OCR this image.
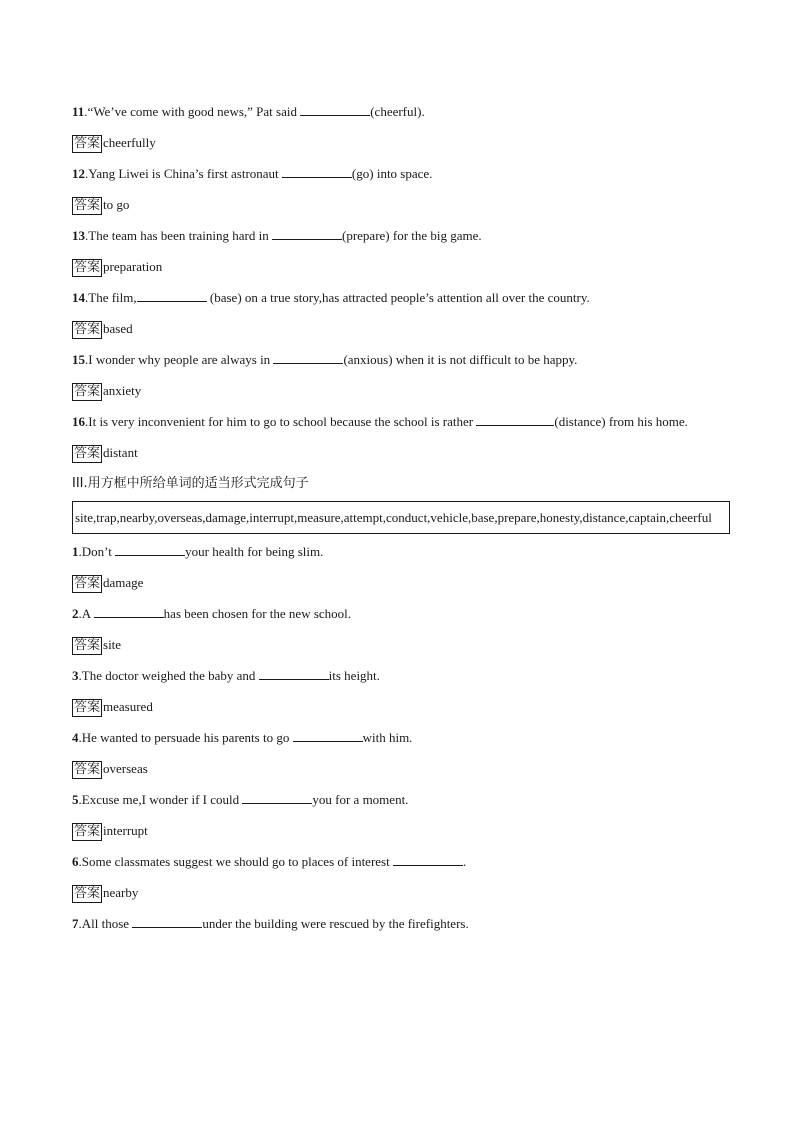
11.“We’ve come with good news,” Pat said	(cheerful).
答案 cheerfully
12.Yang Liwei is China’s first astronaut	(go) into space.
答案 to go
13.The team has been training hard in	(prepare) for the big game.
答案 preparation
14.The film,	(base) on a true story,has attracted people’s attention all over the country.
答案 based
15.I wonder why people are always in	(anxious) when it is not difficult to be happy.
答案 anxiety
16.It is very inconvenient for him to go to school because the school is rather	(distance) from his home.
答案 distant
III.用方框中所给单词的适当形式完成句子
site,trap,nearby,overseas,damage,interrupt,measure,attempt,conduct,vehicle,base,prepare,honesty,distance,captain,cheerful
1.Don’t	your health for being slim.
答案 damage
2.A	has been chosen for the new school.
答案 site
3.The doctor weighed the baby and	its height.
答案 measured
4.He wanted to persuade his parents to go	with him.
答案 overseas
5.Excuse me,I wonder if I could	you for a moment.
答案 interrupt
6.Some classmates suggest we should go to places of interest	.
答案 nearby
7.All those	under the building were rescued by the firefighters.
